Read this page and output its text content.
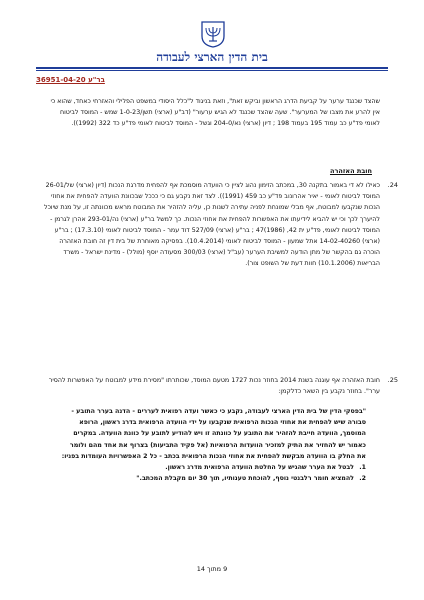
בית הדין הארצי לעבודה
בר"ע 36951-04-20
שהצד שכנגד ערער על קביעת הדרג הראשון וביקש זאת", וזאת בניגוד ל"כלל היסודי במשפט הפלילי והאזרחי כאחד, שהוא כי אין להרע את מצבו של המערער". שעה שהצד שכנגד לא הגיש ערעור" (דב"ע (ארצי) תשן/1-0-23 שמש - המוסד לביטוח לאומי פד"ע כב עמוד 195 בעמוד 198 ; דיון (ארצי) נא/204-0 וגשל - המוסד לביטוח לאומי פד"ע כד 322 (1992)).
חובת האזהרה
24.
כאילו לא די באמור בתקנה 30, במכתב הזימון נהוג לציין כי הוועדה מוסמכת אף להפחית מדרגת הנכות (דיון (ארצי) של/26-01 המוסד לביטוח לאומי - יאיר אהרונוב פד"ע כב 459 (1991)). לצד זאת נקבע גם כי כככל שבכוונת הוועדה להפחית את אחוזי הנכות שנקבעו למבוטח, אף מבלי שמונחת לפניה עתירה לשנות כן, עליה להזהיר את המבוטח מראש מכוונתה זו, על מנת שיוכל להיערך לכך וכי יש להביא לידיעתו את האפשרות להפחית את אחוזי הנכות. כך למשל בר"ע (ארצי) נה/293-01 אהרן לגרמן - המוסד לביטוח לאומי, פד"ע ית 42, (1986)47 ; בר"ע (ארצי) 527/09 דוד עמר - המוסד לביטוח לאומי (17.3.10) ; בר"ע (ארצי) 14-02-40260 אתל שמעון - המוסד לביטוח לאומי (10.4.2014). בפסיקה מאוחרת של בית דין זה חובת האזהרה הוכרה גם בהקשר של מתן הודעה למשיבת הערער (עב"ל (ארצי) 300/03 מסעודה יוסף (מולל) - מדינת ישראל - משרד הבריאות (10.1.2006) חוות דעת של השופט צור).
25.
חובת האזהרה אף עוגנה בשנת 2014 בחוזר נכות 1727 מטעם המוסד, שכותרתו "מסירת מידע למבוטח על האפשרות להסיר ערר". בחוזר נקבע בין השאר כדלקמן:
"בפסקי הדין של בית הדין הארצי לעבודה, נקבע כי כאשר ועדה רפואית לעררים - הדנה בערר התובע - סבורה שיש להפחית את אחוזי הנכות הרפואית שנקבעו על ידי הוועדה הרפואית בדרג ראשון, הרופא המוסמך, הוועדה חייבת להזהיר את התובע על כוונתה זו ויש להודיע לתובע על כוונת הוועדה. במקרים כאמור יש להחזיר את התיק למזכיר הוועדות הרפואיות (אל פקיד התביעות) בצרוף את אחד מהם ולומר את החלק בו הוועדה מבקשת להפחית את אחוזי הנכות הרפואית בכתב - כל 2 האפשרויות העומדות בפניו:
1.
לבטל את הערר שהגיש על החלטת הוועדה הרפואית מדרג ראשון.
2.
להמציא חומר רלבנטי נוסף, להוכחת טענותיו, תוך 30 יום מקבלת המכתב."
9 מתוך 14
